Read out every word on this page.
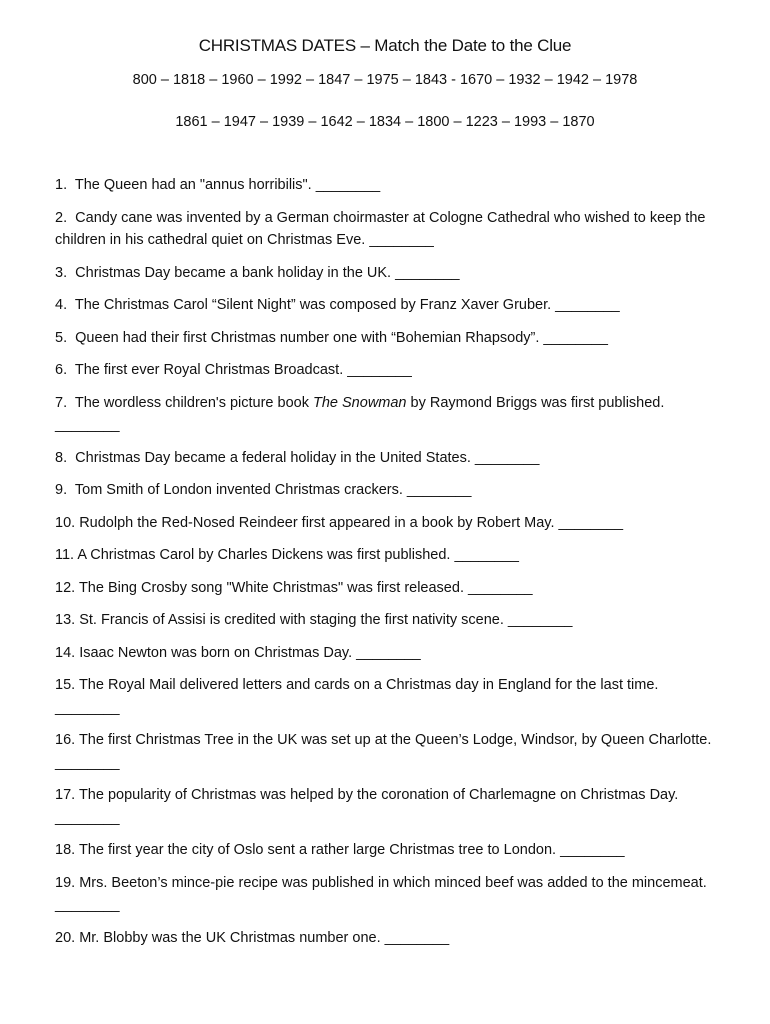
CHRISTMAS DATES – Match the Date to the Clue
800 – 1818 – 1960 – 1992 – 1847 – 1975 – 1843 - 1670 – 1932 – 1942 – 1978
1861 – 1947 – 1939 – 1642 – 1834 – 1800 – 1223 – 1993 – 1870
1. The Queen had an "annus horribilis". ________
2. Candy cane was invented by a German choirmaster at Cologne Cathedral who wished to keep the children in his cathedral quiet on Christmas Eve. ________
3. Christmas Day became a bank holiday in the UK. ________
4. The Christmas Carol “Silent Night” was composed by Franz Xaver Gruber. ________
5. Queen had their first Christmas number one with “Bohemian Rhapsody”. ________
6. The first ever Royal Christmas Broadcast. ________
7. The wordless children's picture book The Snowman by Raymond Briggs was first published. ________
8. Christmas Day became a federal holiday in the United States. ________
9. Tom Smith of London invented Christmas crackers. ________
10. Rudolph the Red-Nosed Reindeer first appeared in a book by Robert May. ________
11. A Christmas Carol by Charles Dickens was first published. ________
12. The Bing Crosby song "White Christmas" was first released. ________
13. St. Francis of Assisi is credited with staging the first nativity scene. ________
14. Isaac Newton was born on Christmas Day. ________
15. The Royal Mail delivered letters and cards on a Christmas day in England for the last time. ________
16. The first Christmas Tree in the UK was set up at the Queen’s Lodge, Windsor, by Queen Charlotte. ________
17. The popularity of Christmas was helped by the coronation of Charlemagne on Christmas Day. ________
18. The first year the city of Oslo sent a rather large Christmas tree to London. ________
19. Mrs. Beeton’s mince-pie recipe was published in which minced beef was added to the mincemeat. ________
20. Mr. Blobby was the UK Christmas number one. ________
